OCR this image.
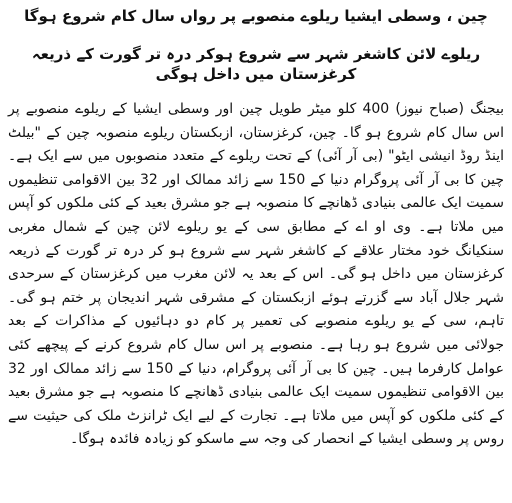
چین ، وسطی ایشیا ریلوے منصوبے پر رواں سال کام شروع ہوگا
ریلوے لائن کاشغر شہر سے شروع ہوکر درہ تر گورت کے ذریعہ کرغزستان میں داخل ہوگی

بیجنگ (صباح نیوز) 400 کلو میٹر طویل چین اور وسطی ایشیا کے ریلوے منصوبے پر اس سال کام شروع ہو گا۔ چین، کرغزستان، ازبکستان ریلوے منصوبہ چین کے "بیلٹ اینڈ روڈ انیشی ایٹو" (بی آر آئی) کے تحت ریلوے کے متعدد منصوبوں میں سے ایک ہے۔ چین کا بی آر آئی پروگرام دنیا کے 150 سے زائد ممالک اور 32 بین الاقوامی تنظیموں سمیت ایک عالمی بنیادی ڈھانچے کا منصوبہ ہے جو مشرق بعید کے کئی ملکوں کو آپس میں ملاتا ہے۔ وی او اے کے مطابق سی کے یو ریلوے لائن چین کے شمال مغربی سنکیانگ خود مختار علاقے کے کاشغر شہر سے شروع ہو کر درہ تر گورت کے ذریعہ کرغزستان میں داخل ہو گی۔ اس کے بعد یہ لائن مغرب میں کرغزستان کے سرحدی شہر جلال آباد سے گزرتے ہوئے ازبکستان کے مشرقی شہر اندیجان پر ختم ہو گی۔ تاہم، سی کے یو ریلوے منصوبے کی تعمیر پر کام دو دہائیوں کے مذاکرات کے بعد جولائی میں شروع ہو رہا ہے۔ منصوبے پر اس سال کام شروع کرنے کے پیچھے کئی عوامل کارفرما ہیں۔ چین کا بی آر آئی پروگرام، دنیا کے 150 سے زائد ممالک اور 32 بین الاقوامی تنظیموں سمیت ایک عالمی بنیادی ڈھانچے کا منصوبہ ہے جو مشرق بعید کے کئی ملکوں کو آپس میں ملاتا ہے۔ تجارت کے لیے ایک ٹرانزٹ ملک کی حیثیت سے روس پر وسطی ایشیا کے انحصار کی وجہ سے ماسکو کو زیادہ فائدہ ہوگا۔
